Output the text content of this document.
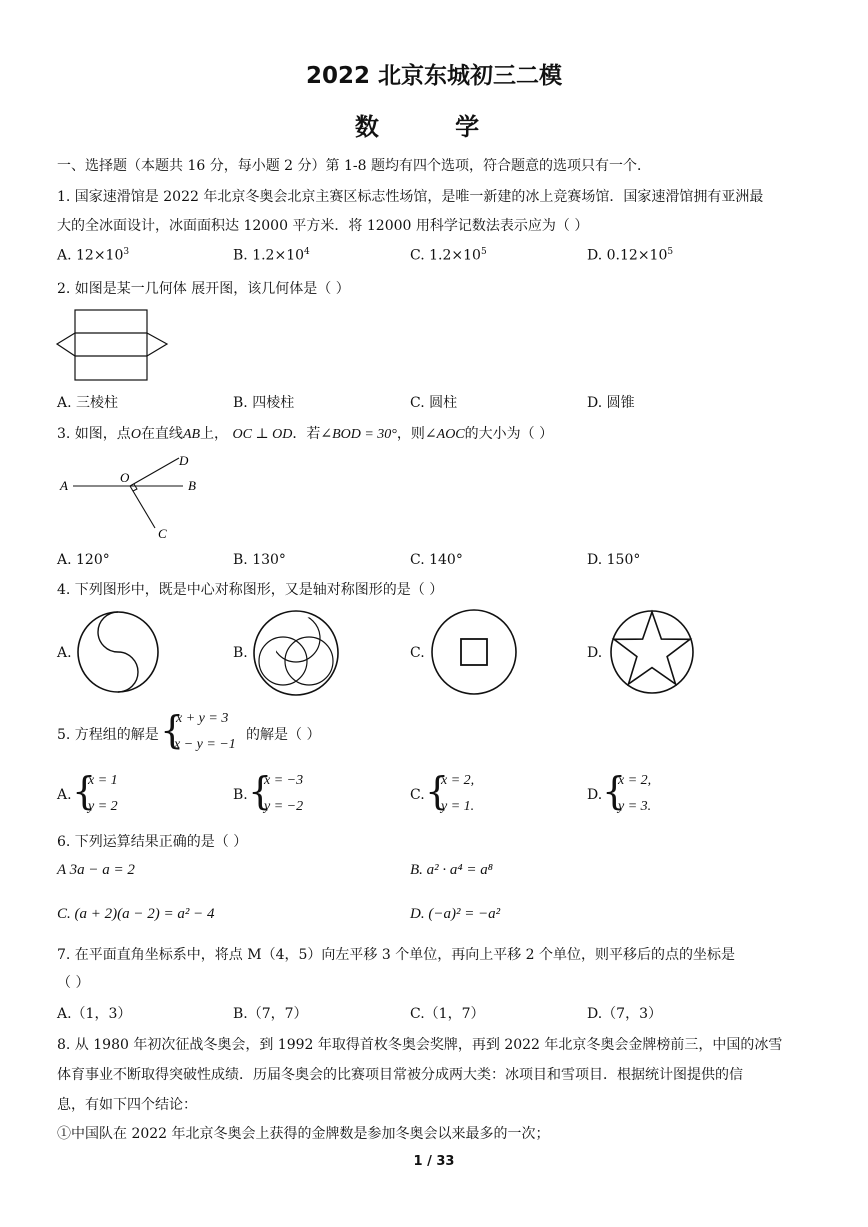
2022 北京东城初三二模
数 学
一、选择题（本题共 16 分，每小题 2 分）第 1-8 题均有四个选项，符合题意的选项只有一个．
1. 国家速滑馆是 2022 年北京冬奥会北京主赛区标志性场馆，是唯一新建的冰上竞赛场馆．国家速滑馆拥有亚洲最
大的全冰面设计，冰面面积达 12000 平方米．将 12000 用科学记数法表示应为（ ）
A. $12\times 10^3$	B. $1.2\times 10^4$	C. $1.2\times 10^5$	D. $0.12\times 10^5$
2. 如图是某一几何体 展开图，该几何体是（ ）
A. 三棱柱	B. 四棱柱	C. 圆柱	D. 圆锥
3. 如图，点O在直线AB上， OC ⊥ OD．若∠BOD = 30°，则∠AOC的大小为（ ）
A
O
B
D
C
A. 120°	B. 130°	C. 140°	D. 150°
4. 下列图形中，既是中心对称图形，又是轴对称图形的是（ ）
A.	B.	C.	D.
5. 方程组的解是 {
x + y = 3
x − y = −1
的解是（ ）
A. {
x = 1
y = 2
B. {
x = −3
y = −2
C. {
x = 2,
y = 1.
D. {
x = 2,
y = 3.
6. 下列运算结果正确的是（ ）
A 3a − a = 2	B. a² · a⁴ = a⁸
C. (a + 2)(a − 2) = a² − 4	D. (−a)² = −a²
7. 在平面直角坐标系中，将点 M（4，5）向左平移 3 个单位，再向上平移 2 个单位，则平移后的点的坐标是
（ ）
A.（1，3）	B.（7，7）	C.（1，7）	D.（7，3）
8. 从 1980 年初次征战冬奥会，到 1992 年取得首枚冬奥会奖牌，再到 2022 年北京冬奥会金牌榜前三，中国的冰雪
体育事业不断取得突破性成绩．历届冬奥会的比赛项目常被分成两大类：冰项目和雪项目．根据统计图提供的信
息，有如下四个结论：
①中国队在 2022 年北京冬奥会上获得的金牌数是参加冬奥会以来最多的一次；
1 / 33
